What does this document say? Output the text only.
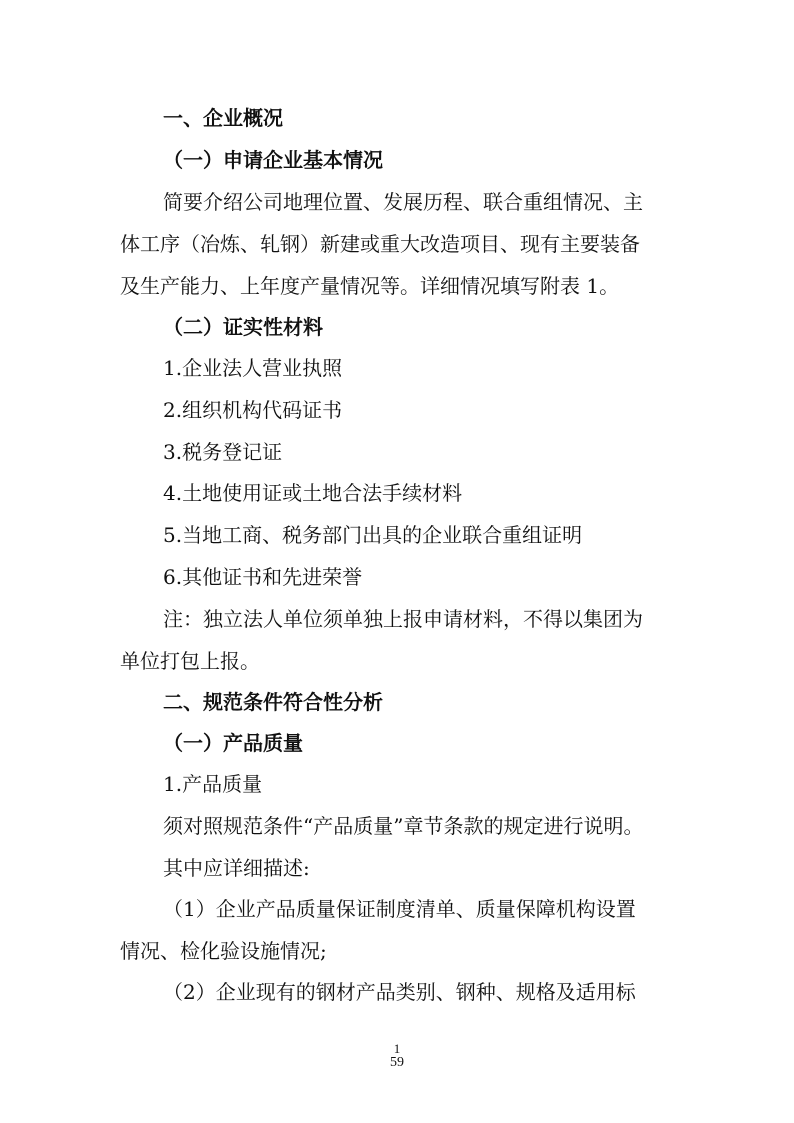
一、企业概况
（一）申请企业基本情况
简要介绍公司地理位置、发展历程、联合重组情况、主
体工序（冶炼、轧钢）新建或重大改造项目、现有主要装备
及生产能力、上年度产量情况等。详细情况填写附表 1。
（二）证实性材料
1.企业法人营业执照
2.组织机构代码证书
3.税务登记证
4.土地使用证或土地合法手续材料
5.当地工商、税务部门出具的企业联合重组证明
6.其他证书和先进荣誉
注：独立法人单位须单独上报申请材料，不得以集团为
单位打包上报。
二、规范条件符合性分析
（一）产品质量
1.产品质量
须对照规范条件“产品质量”章节条款的规定进行说明。
其中应详细描述:
（1）企业产品质量保证制度清单、质量保障机构设置
情况、检化验设施情况;
（2）企业现有的钢材产品类别、钢种、规格及适用标
1
59
